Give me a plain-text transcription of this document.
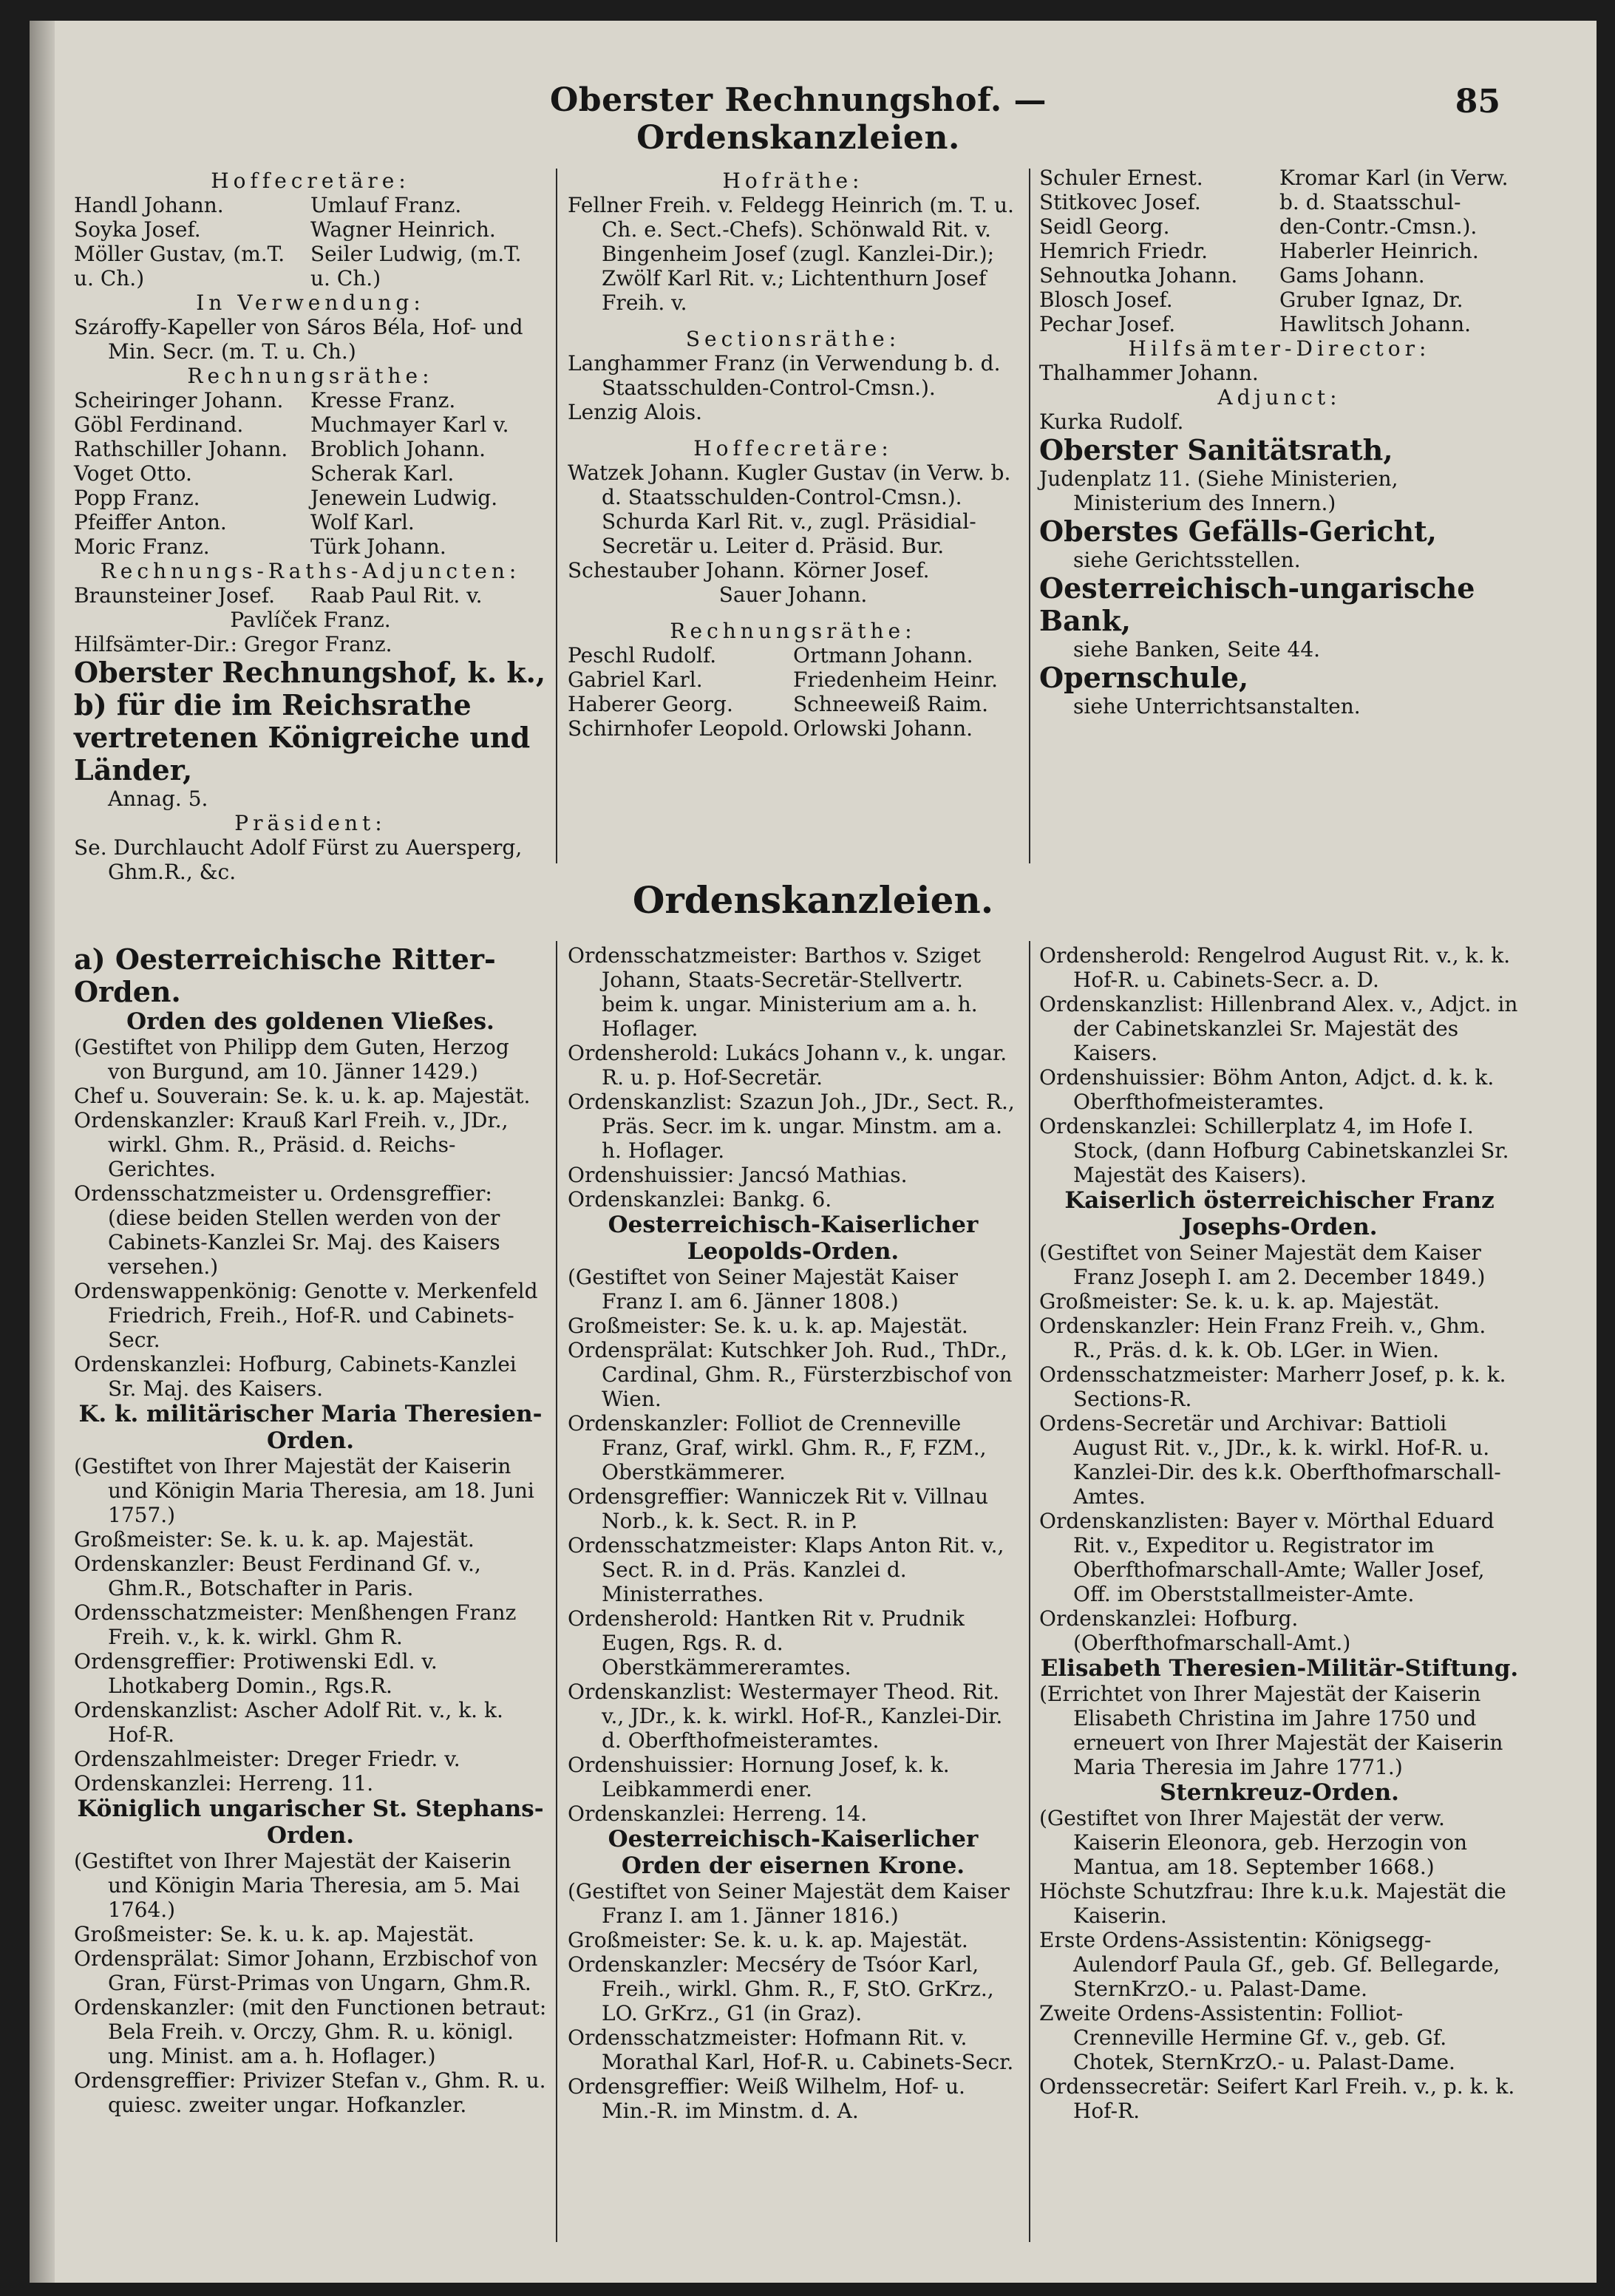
Oberster Rechnungshof. — Ordenskanzleien.
85

Hoffecretäre:

Handl Johann.	Umlauf Franz.
Soyka Josef.	Wagner Heinrich.
Möller Gustav, (m.T.	Seiler Ludwig, (m.T.
u. Ch.)	u. Ch.)

In Verwendung:

Szároffy-Kapeller von Sáros Béla, Hof- und Min. Secr. (m. T. u. Ch.)

Rechnungsräthe:

Scheiringer Johann.	Kresse Franz.
Göbl Ferdinand.	Muchmayer Karl v.
Rathschiller Johann.	Broblich Johann.
Voget Otto.	Scherak Karl.
Popp Franz.	Jenewein Ludwig.
Pfeiffer Anton.	Wolf Karl.
Moric Franz.	Türk Johann.

Rechnungs-Raths-Adjuncten:

Braunsteiner Josef.	Raab Paul Rit. v.

Pavlíček Franz.

Hilfsämter-Dir.: Gregor Franz.

Oberster Rechnungshof, k. k., b) für die im Reichsrathe vertretenen Königreiche und Länder,

Annag. 5.

Präsident:

Se. Durchlaucht Adolf Fürst zu Auersperg, Ghm.R., &c.

Hofräthe:

Fellner Freih. v. Feldegg Heinrich (m. T. u. Ch. e. Sect.-Chefs). Schönwald Rit. v. Bingenheim Josef (zugl. Kanzlei-Dir.); Zwölf Karl Rit. v.; Lichtenthurn Josef Freih. v.

Sectionsräthe:

Langhammer Franz (in Verwendung b. d. Staatsschulden-Control-Cmsn.).

Lenzig Alois.

Hoffecretäre:

Watzek Johann. Kugler Gustav (in Verw. b. d. Staatsschulden-Control-Cmsn.). Schurda Karl Rit. v., zugl. Präsidial-Secretär u. Leiter d. Präsid. Bur.

Schestauber Johann. Körner Josef.

Sauer Johann.

Rechnungsräthe:

Peschl Rudolf.	Ortmann Johann.
Gabriel Karl.	Friedenheim Heinr.
Haberer Georg.	Schneeweiß Raim.
Schirnhofer Leopold. Orlowski Johann.
Schuler Ernest.	Kromar Karl (in Verw.
Stitkovec Josef.	b. d. Staatsschul-
Seidl Georg.	den-Contr.-Cmsn.).
Hemrich Friedr.	Haberler Heinrich.
Sehnoutka Johann.	Gams Johann.
Blosch Josef.	Gruber Ignaz, Dr.
Pechar Josef.	Hawlitsch Johann.

Hilfsämter-Director:

Thalhammer Johann.

Adjunct:

Kurka Rudolf.

Oberster Sanitätsrath,

Judenplatz 11. (Siehe Ministerien, Ministerium des Innern.)

Oberstes Gefälls-Gericht,

siehe Gerichtsstellen.

Oesterreichisch-ungarische Bank,

siehe Banken, Seite 44.

Opernschule,

siehe Unterrichtsanstalten.

Ordenskanzleien.

a) Oesterreichische Ritter-Orden.

Orden des goldenen Vließes.

(Gestiftet von Philipp dem Guten, Herzog von Burgund, am 10. Jänner 1429.)

Chef u. Souverain: Se. k. u. k. ap. Majestät.

Ordenskanzler: Krauß Karl Freih. v., JDr., wirkl. Ghm. R., Präsid. d. Reichs-Gerichtes.

Ordensschatzmeister u. Ordensgreffier: (diese beiden Stellen werden von der Cabinets-Kanzlei Sr. Maj. des Kaisers versehen.)

Ordenswappenkönig: Genotte v. Merkenfeld Friedrich, Freih., Hof-R. und Cabinets-Secr.

Ordenskanzlei: Hofburg, Cabinets-Kanzlei Sr. Maj. des Kaisers.

K. k. militärischer Maria Theresien-Orden.

(Gestiftet von Ihrer Majestät der Kaiserin und Königin Maria Theresia, am 18. Juni 1757.)

Großmeister: Se. k. u. k. ap. Majestät.

Ordenskanzler: Beust Ferdinand Gf. v., Ghm.R., Botschafter in Paris.

Ordensschatzmeister: Menßhengen Franz Freih. v., k. k. wirkl. Ghm R.

Ordensgreffier: Protiwenski Edl. v. Lhotkaberg Domin., Rgs.R.

Ordenskanzlist: Ascher Adolf Rit. v., k. k. Hof-R.

Ordenszahlmeister: Dreger Friedr. v.

Ordenskanzlei: Herreng. 11.

Königlich ungarischer St. Stephans-Orden.

(Gestiftet von Ihrer Majestät der Kaiserin und Königin Maria Theresia, am 5. Mai 1764.)

Großmeister: Se. k. u. k. ap. Majestät.

Ordensprälat: Simor Johann, Erzbischof von Gran, Fürst-Primas von Ungarn, Ghm.R.

Ordenskanzler: (mit den Functionen betraut: Bela Freih. v. Orczy, Ghm. R. u. königl. ung. Minist. am a. h. Hoflager.)

Ordensgreffier: Privizer Stefan v., Ghm. R. u. quiesc. zweiter ungar. Hofkanzler.

Ordensschatzmeister: Barthos v. Sziget Johann, Staats-Secretär-Stellvertr. beim k. ungar. Ministerium am a. h. Hoflager.

Ordensherold: Lukács Johann v., k. ungar. R. u. p. Hof-Secretär.

Ordenskanzlist: Szazun Joh., JDr., Sect. R., Präs. Secr. im k. ungar. Minstm. am a. h. Hoflager.

Ordenshuissier: Jancsó Mathias.

Ordenskanzlei: Bankg. 6.

Oesterreichisch-Kaiserlicher Leopolds-Orden.

(Gestiftet von Seiner Majestät Kaiser Franz I. am 6. Jänner 1808.)

Großmeister: Se. k. u. k. ap. Majestät.

Ordensprälat: Kutschker Joh. Rud., ThDr., Cardinal, Ghm. R., Fürsterzbischof von Wien.

Ordenskanzler: Folliot de Crenneville Franz, Graf, wirkl. Ghm. R., F, FZM., Oberstkämmerer.

Ordensgreffier: Wanniczek Rit v. Villnau Norb., k. k. Sect. R. in P.

Ordensschatzmeister: Klaps Anton Rit. v., Sect. R. in d. Präs. Kanzlei d. Ministerrathes.

Ordensherold: Hantken Rit v. Prudnik Eugen, Rgs. R. d. Oberstkämmereramtes.

Ordenskanzlist: Westermayer Theod. Rit. v., JDr., k. k. wirkl. Hof-R., Kanzlei-Dir. d. Oberfthofmeisteramtes.

Ordenshuissier: Hornung Josef, k. k. Leibkammerdi ener.

Ordenskanzlei: Herreng. 14.

Oesterreichisch-Kaiserlicher Orden der eisernen Krone.

(Gestiftet von Seiner Majestät dem Kaiser Franz I. am 1. Jänner 1816.)

Großmeister: Se. k. u. k. ap. Majestät.

Ordenskanzler: Mecséry de Tsóor Karl, Freih., wirkl. Ghm. R., F, StO. GrKrz., LO. GrKrz., G1 (in Graz).

Ordensschatzmeister: Hofmann Rit. v. Morathal Karl, Hof-R. u. Cabinets-Secr.

Ordensgreffier: Weiß Wilhelm, Hof- u. Min.-R. im Minstm. d. A.

Ordensherold: Rengelrod August Rit. v., k. k. Hof-R. u. Cabinets-Secr. a. D.

Ordenskanzlist: Hillenbrand Alex. v., Adjct. in der Cabinetskanzlei Sr. Majestät des Kaisers.

Ordenshuissier: Böhm Anton, Adjct. d. k. k. Oberfthofmeisteramtes.

Ordenskanzlei: Schillerplatz 4, im Hofe I. Stock, (dann Hofburg Cabinetskanzlei Sr. Majestät des Kaisers).

Kaiserlich österreichischer Franz Josephs-Orden.

(Gestiftet von Seiner Majestät dem Kaiser Franz Joseph I. am 2. December 1849.)

Großmeister: Se. k. u. k. ap. Majestät.

Ordenskanzler: Hein Franz Freih. v., Ghm. R., Präs. d. k. k. Ob. LGer. in Wien.

Ordensschatzmeister: Marherr Josef, p. k. k. Sections-R.

Ordens-Secretär und Archivar: Battioli August Rit. v., JDr., k. k. wirkl. Hof-R. u. Kanzlei-Dir. des k.k. Oberfthofmarschall-Amtes.

Ordenskanzlisten: Bayer v. Mörthal Eduard Rit. v., Expeditor u. Registrator im Oberfthofmarschall-Amte; Waller Josef, Off. im Oberststallmeister-Amte.

Ordenskanzlei: Hofburg. (Oberfthofmarschall-Amt.)

Elisabeth Theresien-Militär-Stiftung.

(Errichtet von Ihrer Majestät der Kaiserin Elisabeth Christina im Jahre 1750 und erneuert von Ihrer Majestät der Kaiserin Maria Theresia im Jahre 1771.)

Sternkreuz-Orden.

(Gestiftet von Ihrer Majestät der verw. Kaiserin Eleonora, geb. Herzogin von Mantua, am 18. September 1668.)

Höchste Schutzfrau: Ihre k.u.k. Majestät die Kaiserin.

Erste Ordens-Assistentin: Königsegg-Aulendorf Paula Gf., geb. Gf. Bellegarde, SternKrzO.- u. Palast-Dame.

Zweite Ordens-Assistentin: Folliot-Crenneville Hermine Gf. v., geb. Gf. Chotek, SternKrzO.- u. Palast-Dame.

Ordenssecretär: Seifert Karl Freih. v., p. k. k. Hof-R.
